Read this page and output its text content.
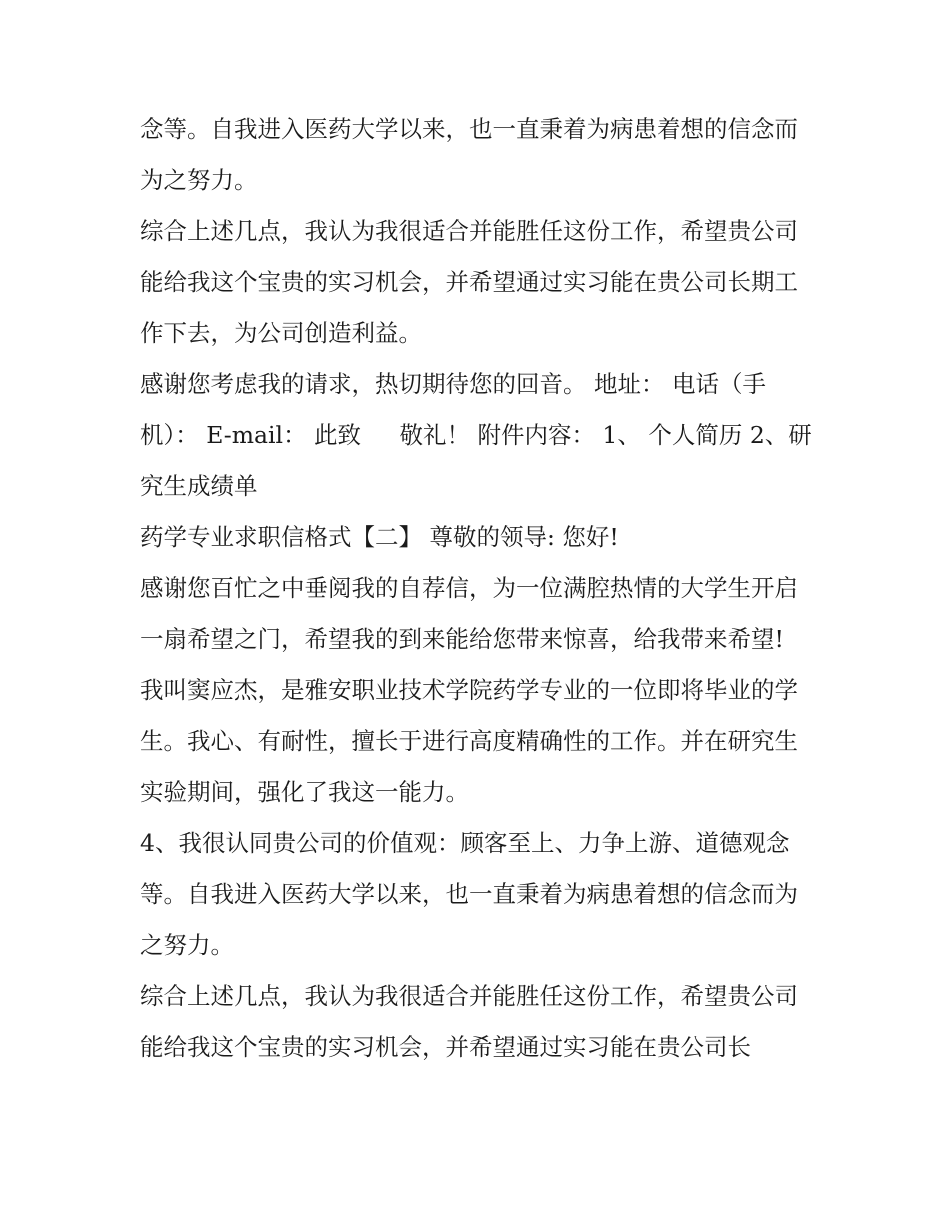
念等。自我进入医药大学以来，也一直秉着为病患着想的信念而为之努力。

综合上述几点，我认为我很适合并能胜任这份工作，希望贵公司能给我这个宝贵的实习机会，并希望通过实习能在贵公司长期工作下去，为公司创造利益。

感谢您考虑我的请求，热切期待您的回音。 地址： 电话（手机）： E-mail： 此致 　 敬礼！ 附件内容： 1、 个人简历 2、研究生成绩单

药学专业求职信格式【二】 尊敬的领导: 您好!

感谢您百忙之中垂阅我的自荐信，为一位满腔热情的大学生开启一扇希望之门，希望我的到来能给您带来惊喜，给我带来希望!

我叫窦应杰，是雅安职业技术学院药学专业的一位即将毕业的学生。我心、有耐性，擅长于进行高度精确性的工作。并在研究生实验期间，强化了我这一能力。

4、我很认同贵公司的价值观：顾客至上、力争上游、道德观念等。自我进入医药大学以来，也一直秉着为病患着想的信念而为之努力。

综合上述几点，我认为我很适合并能胜任这份工作，希望贵公司能给我这个宝贵的实习机会，并希望通过实习能在贵公司长
